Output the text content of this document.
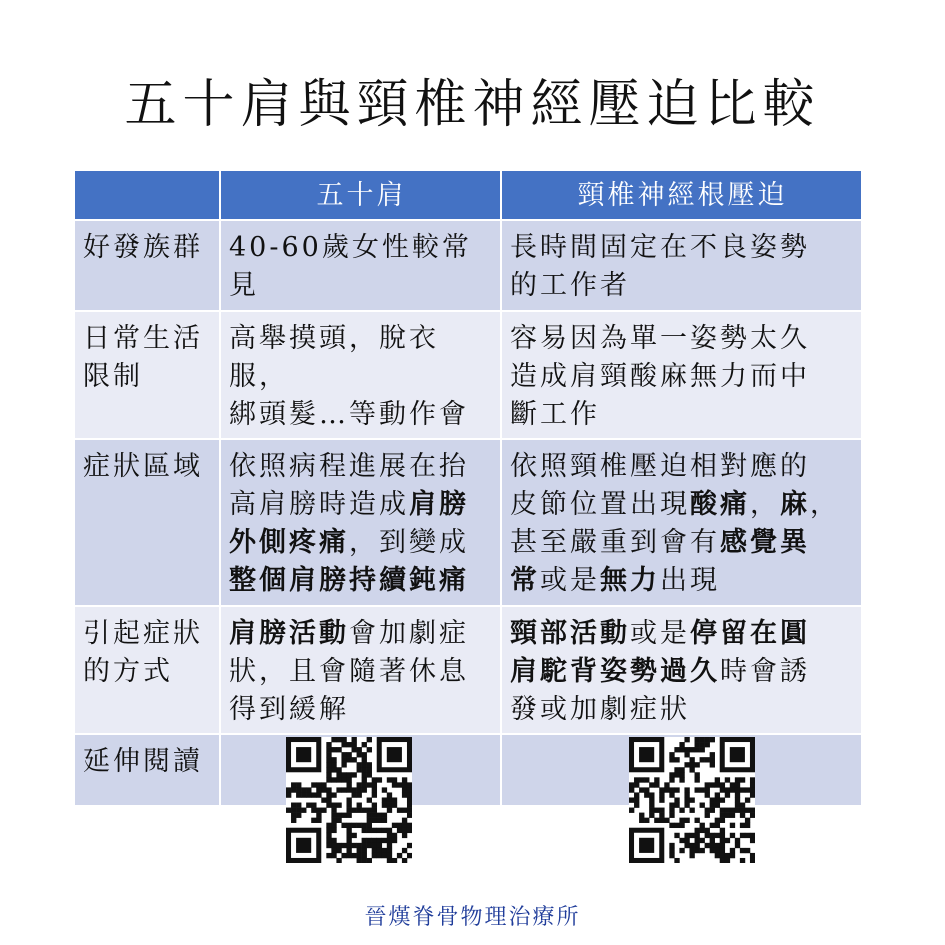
五十肩與頸椎神經壓迫比較
五十肩	頸椎神經根壓迫
好發族群 40-60歲女性較常
見
長時間固定在不良姿勢
的工作者
日常生活
限制
高舉摸頭，脫衣服，
綁頭髮…等動作會

容易因為單一姿勢太久
造成肩頸酸麻無力而中
斷工作
症狀區域 依照病程進展在抬
高肩膀時造成肩膀
外側疼痛，到變成
整個肩膀持續鈍痛
依照頸椎壓迫相對應的
皮節位置出現酸痛，麻，
甚至嚴重到會有感覺異
常或是無力出現
引起症狀
的方式
肩膀活動會加劇症
狀，且會隨著休息
得到緩解
頸部活動或是停留在圓
肩駝背姿勢過久時會誘
發或加劇症狀
延伸閱讀
晉熯脊骨物理治療所
